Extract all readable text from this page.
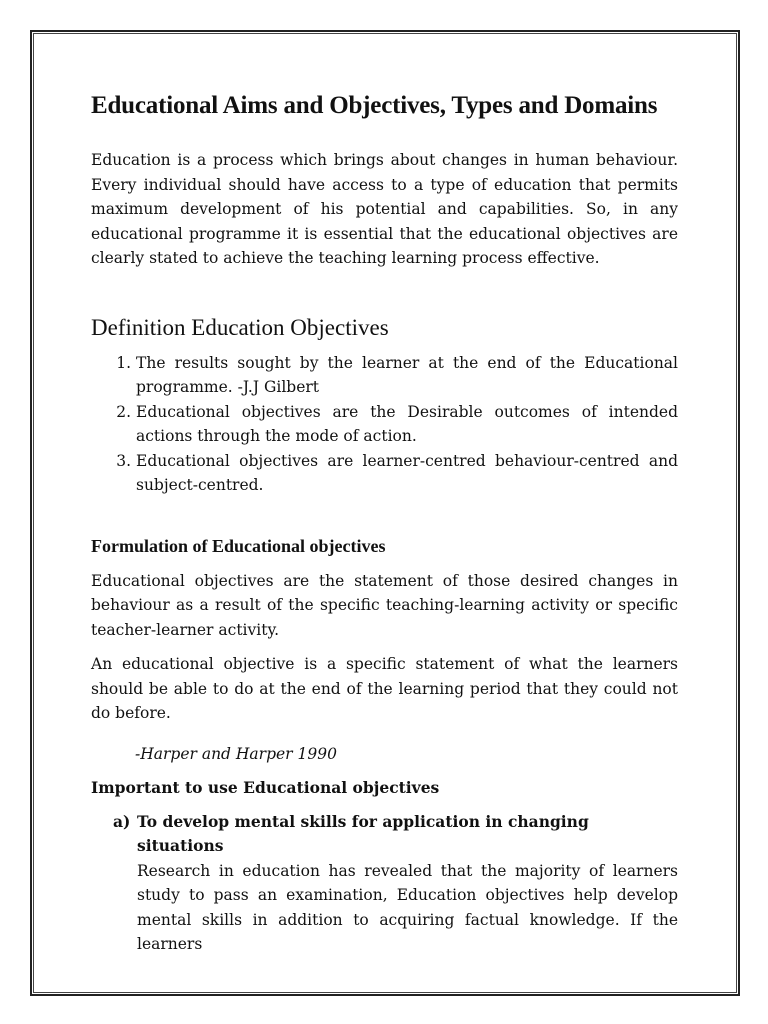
Educational Aims and Objectives, Types and Domains

Education is a process which brings about changes in human behaviour. Every individual should have access to a type of education that permits maximum development of his potential and capabilities. So, in any educational programme it is essential that the educational objectives are clearly stated to achieve the teaching learning process effective.

Definition Education Objectives
1. The results sought by the learner at the end of the Educational programme. -J.J Gilbert
2. Educational objectives are the Desirable outcomes of intended actions through the mode of action.
3. Educational objectives are learner-centred behaviour-centred and subject-centred.
Formulation of Educational objectives

Educational objectives are the statement of those desired changes in behaviour as a result of the specific teaching-learning activity or specific teacher-learner activity.

An educational objective is a specific statement of what the learners should be able to do at the end of the learning period that they could not do before.

-Harper and Harper 1990
Important to use Educational objectives
a) To develop mental skills for application in changing situations
Research in education has revealed that the majority of learners study to pass an examination, Education objectives help develop mental skills in addition to acquiring factual knowledge. If the learners
